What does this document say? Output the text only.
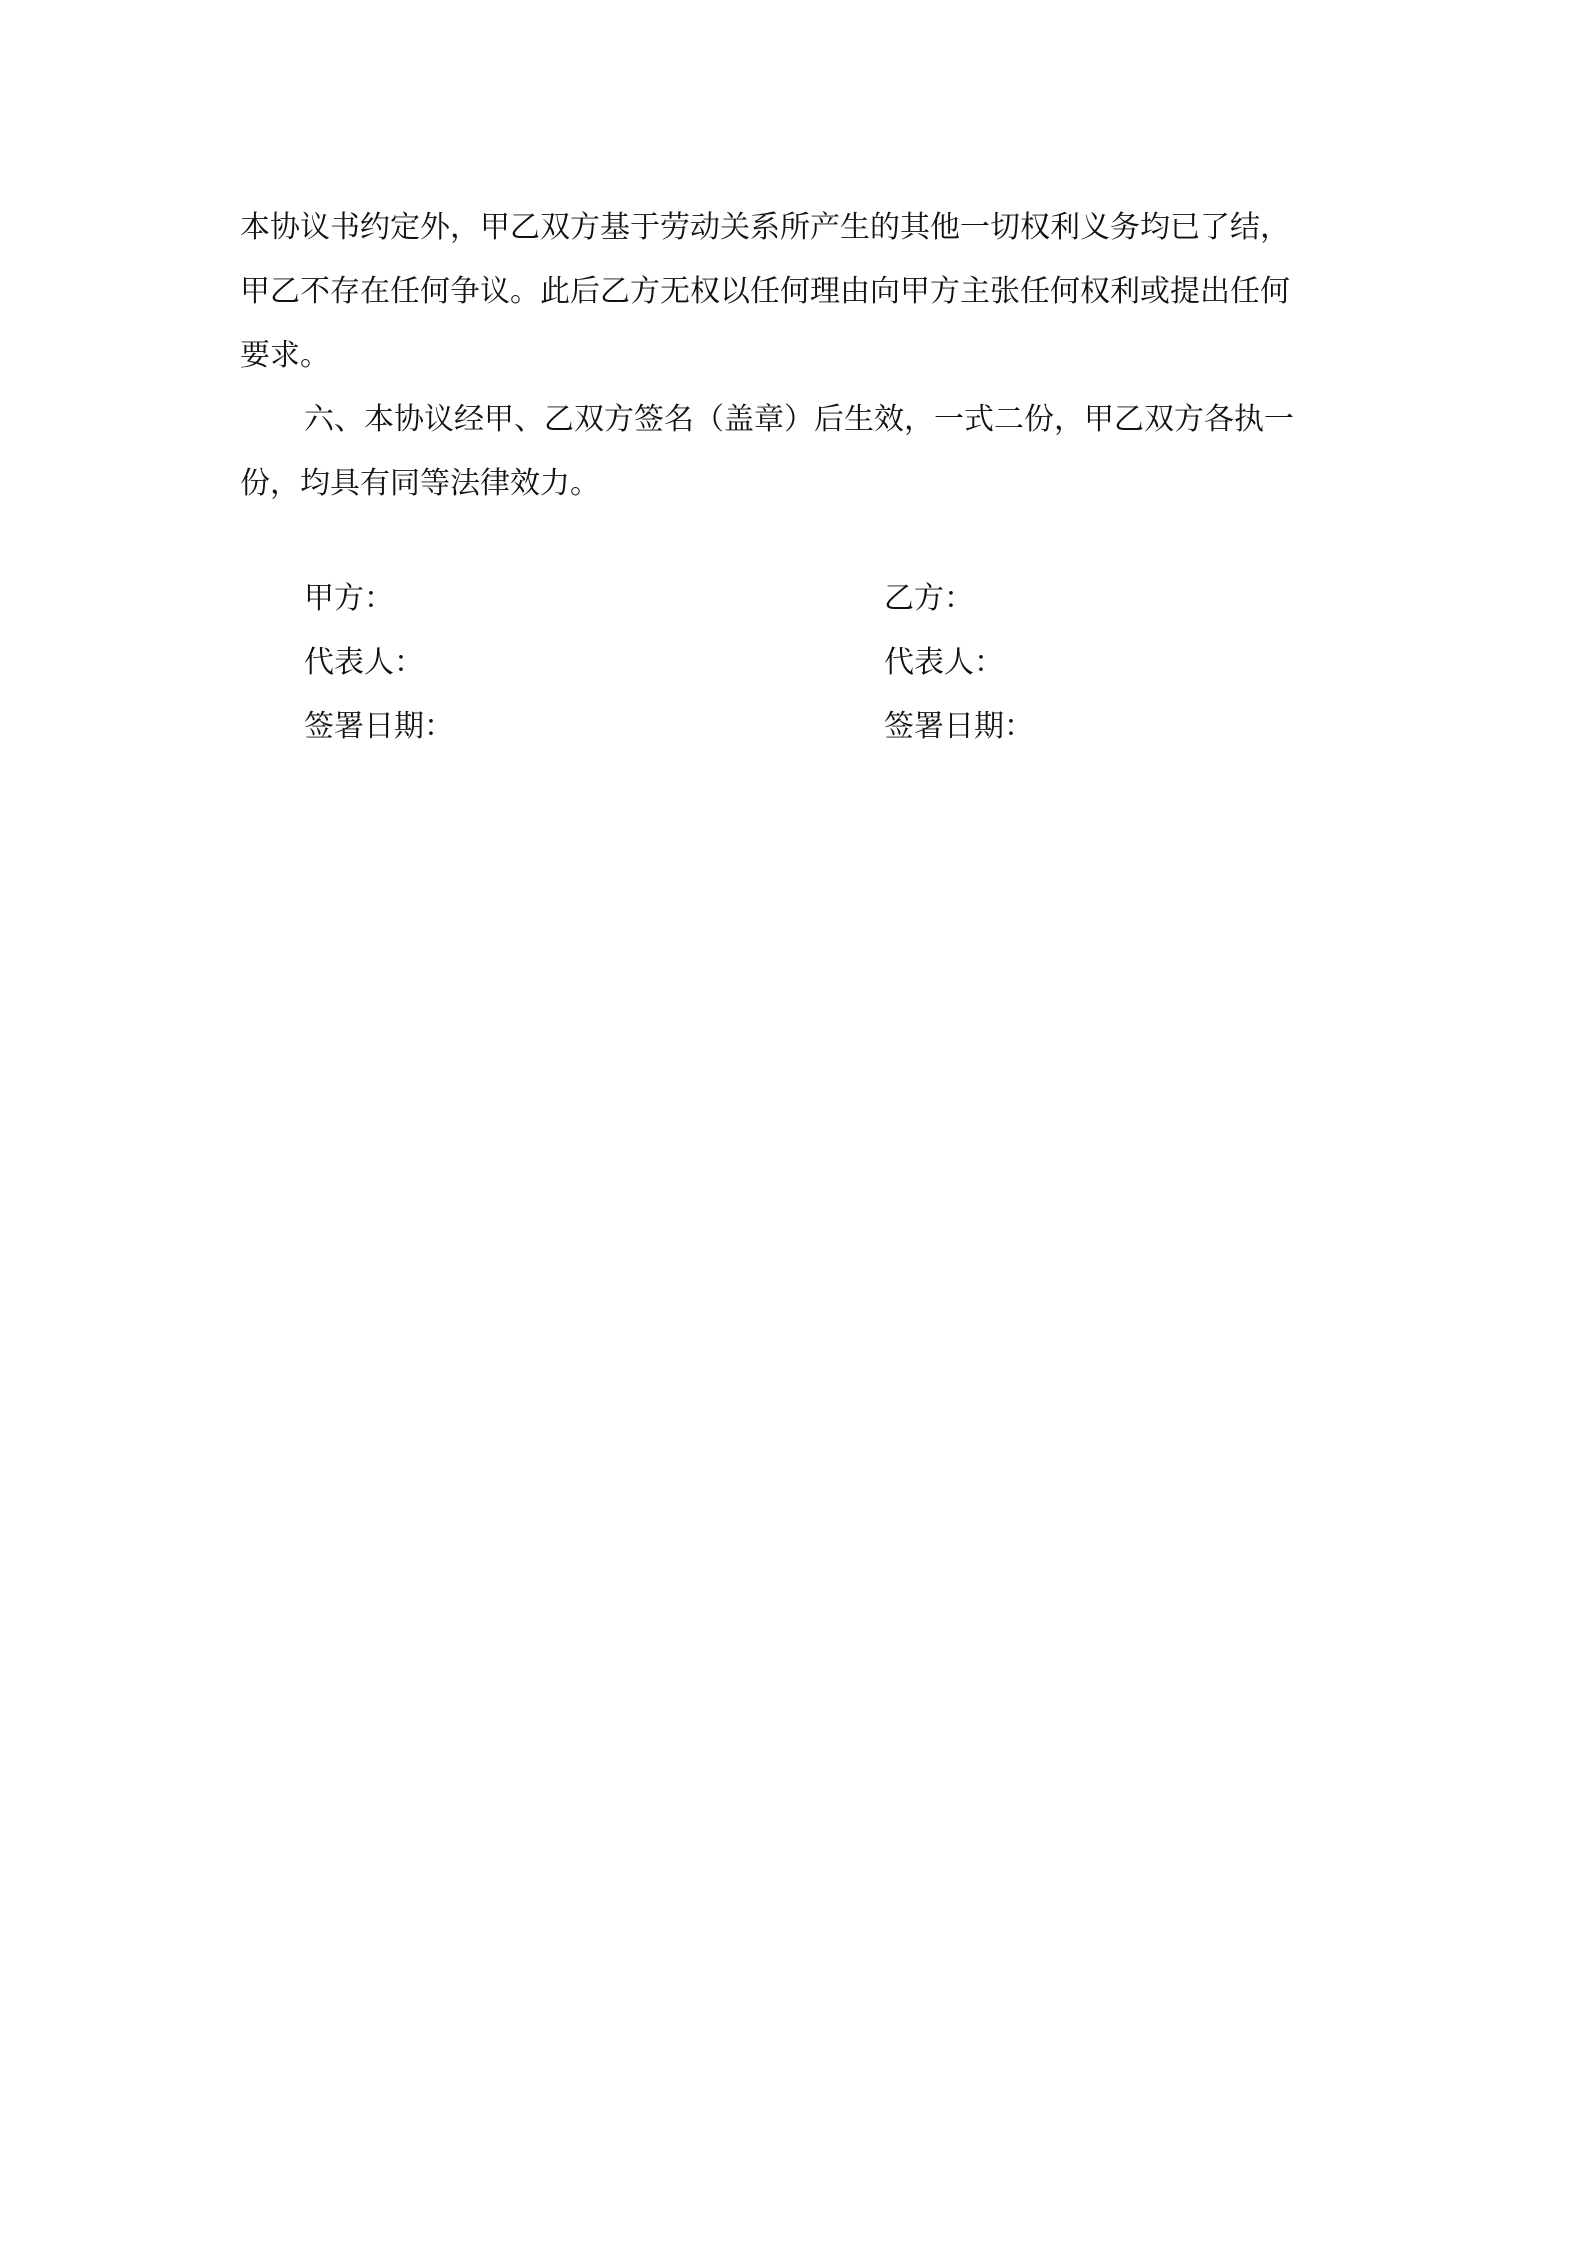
本协议书约定外，甲乙双方基于劳动关系所产生的其他一切权利义务均已了结，

甲乙不存在任何争议。此后乙方无权以任何理由向甲方主张任何权利或提出任何

要求。

六、本协议经甲、乙双方签名（盖章）后生效，一式二份，甲乙双方各执一

份，均具有同等法律效力。

甲方：

代表人：

签署日期：

乙方：

代表人：

签署日期：
